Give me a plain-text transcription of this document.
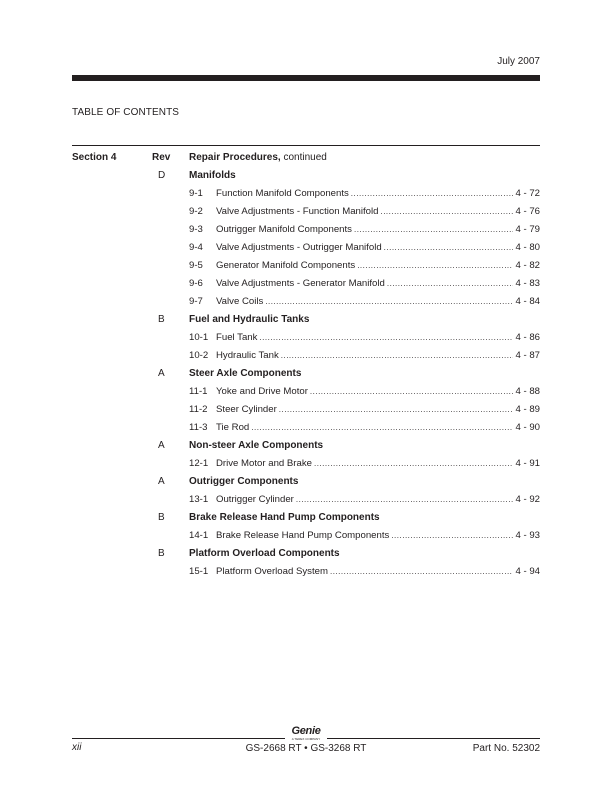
July 2007
TABLE OF CONTENTS
Section 4	Rev Repair Procedures, continued
D Manifolds
9-1 Function Manifold Components .....	4 - 72
9-2 Valve Adjustments - Function Manifold .....	4 - 76
9-3 Outrigger Manifold Components .....	4 - 79
9-4 Valve Adjustments - Outrigger Manifold .....	4 - 80
9-5 Generator Manifold Components .....	4 - 82
9-6 Valve Adjustments - Generator Manifold .....	4 - 83
9-7 Valve Coils .....	4 - 84
B Fuel and Hydraulic Tanks
10-1 Fuel Tank .....	4 - 86
10-2 Hydraulic Tank .....	4 - 87
A Steer Axle Components
11-1 Yoke and Drive Motor .....	4 - 88
11-2 Steer Cylinder .....	4 - 89
11-3 Tie Rod .....	4 - 90
A Non-steer Axle Components
12-1 Drive Motor and Brake .....	4 - 91
A Outrigger Components
13-1 Outrigger Cylinder .....	4 - 92
B Brake Release Hand Pump Components
14-1 Brake Release Hand Pump Components .....	4 - 93
B Platform Overload Components
15-1 Platform Overload System .....	4 - 94
Genie
A TEREX COMPANY
xii	GS-2668 RT • GS-3268 RT	Part No. 52302
